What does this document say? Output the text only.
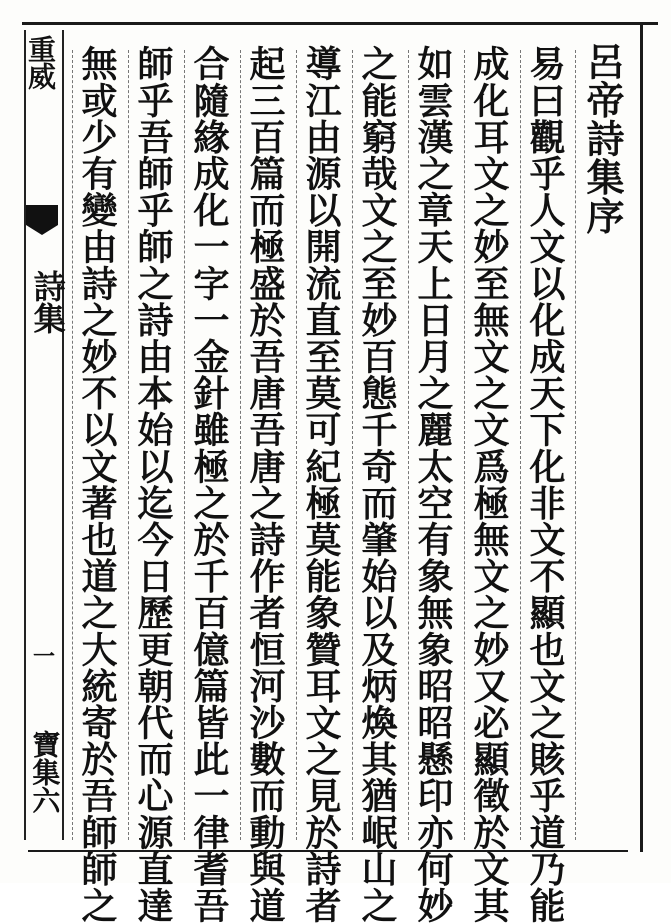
呂帝詩集序
易曰觀乎人文以化成天下化非文不顯也文之賅乎道乃能
成化耳文之妙至無文之文爲極無文之妙又必顯徵於文其
如雲漢之章天上日月之麗太空有象無象昭昭懸印亦何妙
之能窮哉文之至妙百態千奇而肇始以及炳煥其猶岷山之
導江由源以開流直至莫可紀極莫能象贊耳文之見於詩者
起三百篇而極盛於吾唐吾唐之詩作者恒河沙數而動與道
合隨緣成化一字一金針雖極之於千百億篇皆此一律耆吾
師乎吾師乎師之詩由本始以迄今日歷更朝代而心源直達
無或少有變由詩之妙不以文著也道之大統寄於吾師師之
重威
詩集
一
寶集六
